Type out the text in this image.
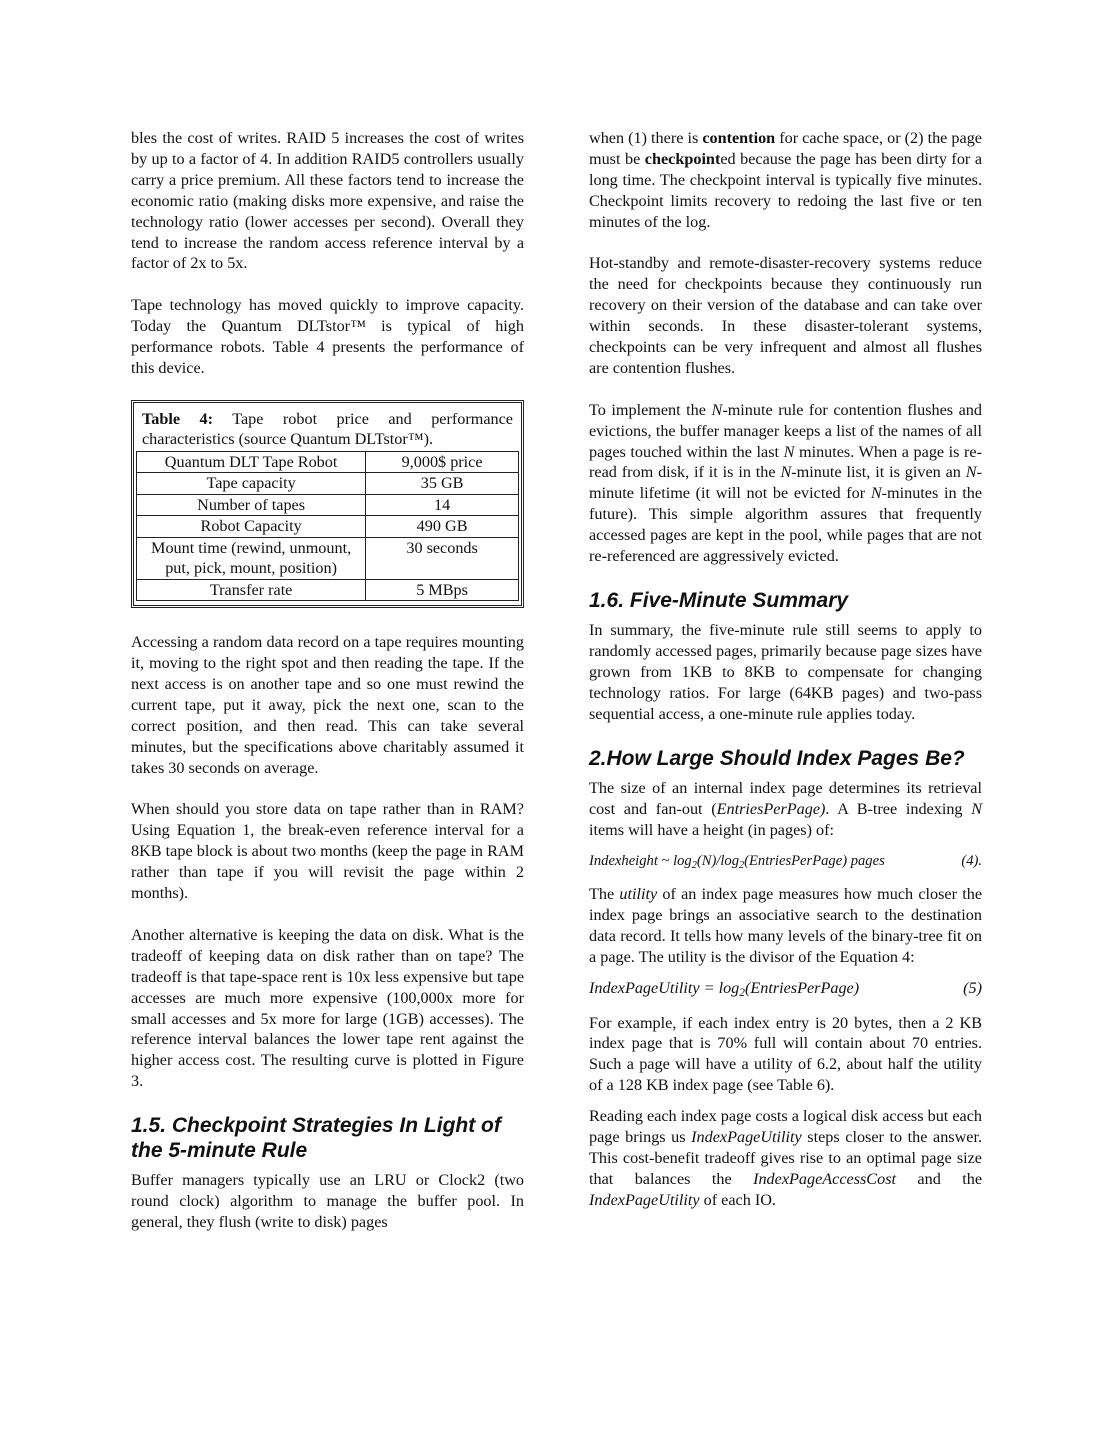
bles the cost of writes. RAID 5 increases the cost of writes by up to a factor of 4. In addition RAID5 controllers usually carry a price premium. All these factors tend to increase the economic ratio (making disks more expensive, and raise the technology ratio (lower accesses per second). Overall they tend to increase the random access reference interval by a factor of 2x to 5x.

Tape technology has moved quickly to improve capacity. Today the Quantum DLTstor™ is typical of high performance robots. Table 4 presents the performance of this device.

Table 4: Tape robot price and performance characteristics (source Quantum DLTstor™).
Quantum DLT Tape Robot	9,000$ price
Tape capacity	35 GB
Number of tapes	14
Robot Capacity	490 GB
Mount time (rewind, unmount, put, pick, mount, position)	30 seconds
Transfer rate	5 MBps

Accessing a random data record on a tape requires mounting it, moving to the right spot and then reading the tape. If the next access is on another tape and so one must rewind the current tape, put it away, pick the next one, scan to the correct position, and then read. This can take several minutes, but the specifications above charitably assumed it takes 30 seconds on average.

When should you store data on tape rather than in RAM? Using Equation 1, the break-even reference interval for a 8KB tape block is about two months (keep the page in RAM rather than tape if you will revisit the page within 2 months).

Another alternative is keeping the data on disk. What is the tradeoff of keeping data on disk rather than on tape? The tradeoff is that tape-space rent is 10x less expensive but tape accesses are much more expensive (100,000x more for small accesses and 5x more for large (1GB) accesses). The reference interval balances the lower tape rent against the higher access cost. The resulting curve is plotted in Figure 3.

1.5. Checkpoint Strategies In Light of the 5-minute Rule

Buffer managers typically use an LRU or Clock2 (two round clock) algorithm to manage the buffer pool. In general, they flush (write to disk) pages

when (1) there is contention for cache space, or (2) the page must be checkpointed because the page has been dirty for a long time. The checkpoint interval is typically five minutes. Checkpoint limits recovery to redoing the last five or ten minutes of the log.

Hot-standby and remote-disaster-recovery systems reduce the need for checkpoints because they continuously run recovery on their version of the database and can take over within seconds. In these disaster-tolerant systems, checkpoints can be very infrequent and almost all flushes are contention flushes.

To implement the N-minute rule for contention flushes and evictions, the buffer manager keeps a list of the names of all pages touched within the last N minutes. When a page is re-read from disk, if it is in the N-minute list, it is given an N-minute lifetime (it will not be evicted for N-minutes in the future). This simple algorithm assures that frequently accessed pages are kept in the pool, while pages that are not re-referenced are aggressively evicted.

1.6. Five-Minute Summary

In summary, the five-minute rule still seems to apply to randomly accessed pages, primarily because page sizes have grown from 1KB to 8KB to compensate for changing technology ratios. For large (64KB pages) and two-pass sequential access, a one-minute rule applies today.

2.How Large Should Index Pages Be?

The size of an internal index page determines its retrieval cost and fan-out (EntriesPerPage). A B-tree indexing N items will have a height (in pages) of:

Indexheight ~ $\log_2(N)/\log_2(EntriesPerPage)$ pages	(4).

The utility of an index page measures how much closer the index page brings an associative search to the destination data record. It tells how many levels of the binary-tree fit on a page. The utility is the divisor of the Equation 4:

IndexPageUtility = $\log_2(EntriesPerPage)$	(5)

For example, if each index entry is 20 bytes, then a 2 KB index page that is 70% full will contain about 70 entries. Such a page will have a utility of 6.2, about half the utility of a 128 KB index page (see Table 6).

Reading each index page costs a logical disk access but each page brings us IndexPageUtility steps closer to the answer. This cost-benefit tradeoff gives rise to an optimal page size that balances the IndexPageAccessCost and the IndexPageUtility of each IO.
